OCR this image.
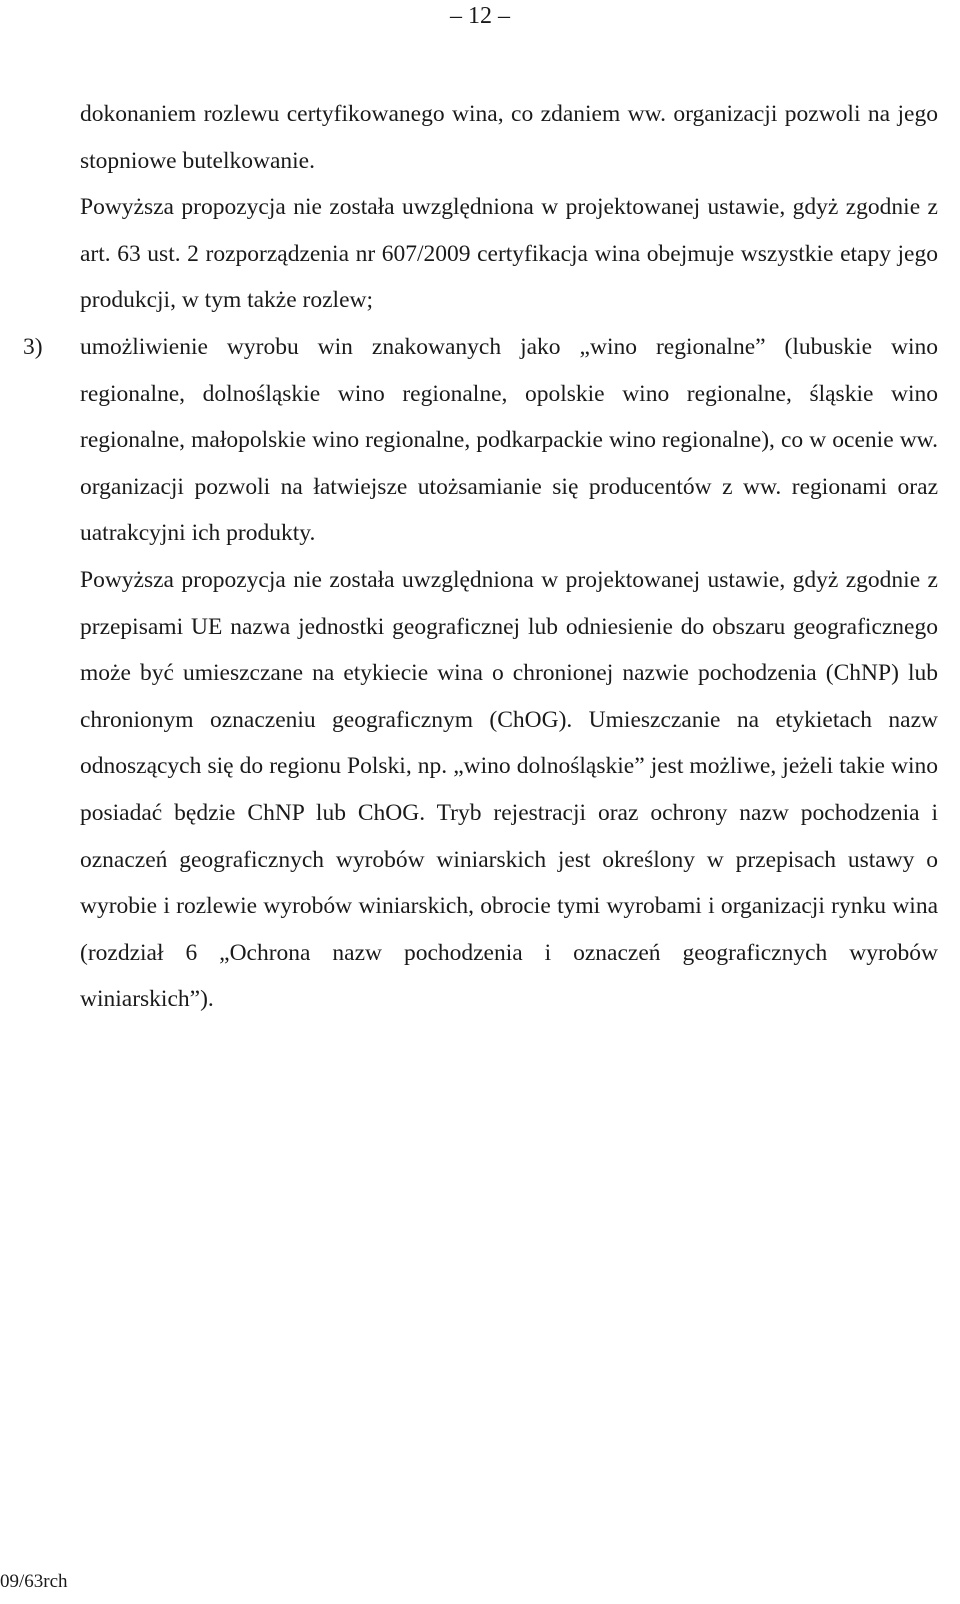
– 12 –

dokonaniem rozlewu certyfikowanego wina, co zdaniem ww. organizacji pozwoli na jego stopniowe butelkowanie.

Powyższa propozycja nie została uwzględniona w projektowanej ustawie, gdyż zgodnie z art. 63 ust. 2 rozporządzenia nr 607/2009 certyfikacja wina obejmuje wszystkie etapy jego produkcji, w tym także rozlew;

3) umożliwienie wyrobu win znakowanych jako „wino regionalne” (lubuskie wino regionalne, dolnośląskie wino regionalne, opolskie wino regionalne, śląskie wino regionalne, małopolskie wino regionalne, podkarpackie wino regionalne), co w ocenie ww. organizacji pozwoli na łatwiejsze utożsamianie się producentów z ww. regionami oraz uatrakcyjni ich produkty.

Powyższa propozycja nie została uwzględniona w projektowanej ustawie, gdyż zgodnie z przepisami UE nazwa jednostki geograficznej lub odniesienie do obszaru geograficznego może być umieszczane na etykiecie wina o chronionej nazwie pochodzenia (ChNP) lub chronionym oznaczeniu geograficznym (ChOG). Umieszczanie na etykietach nazw odnoszących się do regionu Polski, np. „wino dolnośląskie” jest możliwe, jeżeli takie wino posiadać będzie ChNP lub ChOG. Tryb rejestracji oraz ochrony nazw pochodzenia i oznaczeń geograficznych wyrobów winiarskich jest określony w przepisach ustawy o wyrobie i rozlewie wyrobów winiarskich, obrocie tymi wyrobami i organizacji rynku wina (rozdział 6 „Ochrona nazw pochodzenia i oznaczeń geograficznych wyrobów winiarskich”).

09/63rch
